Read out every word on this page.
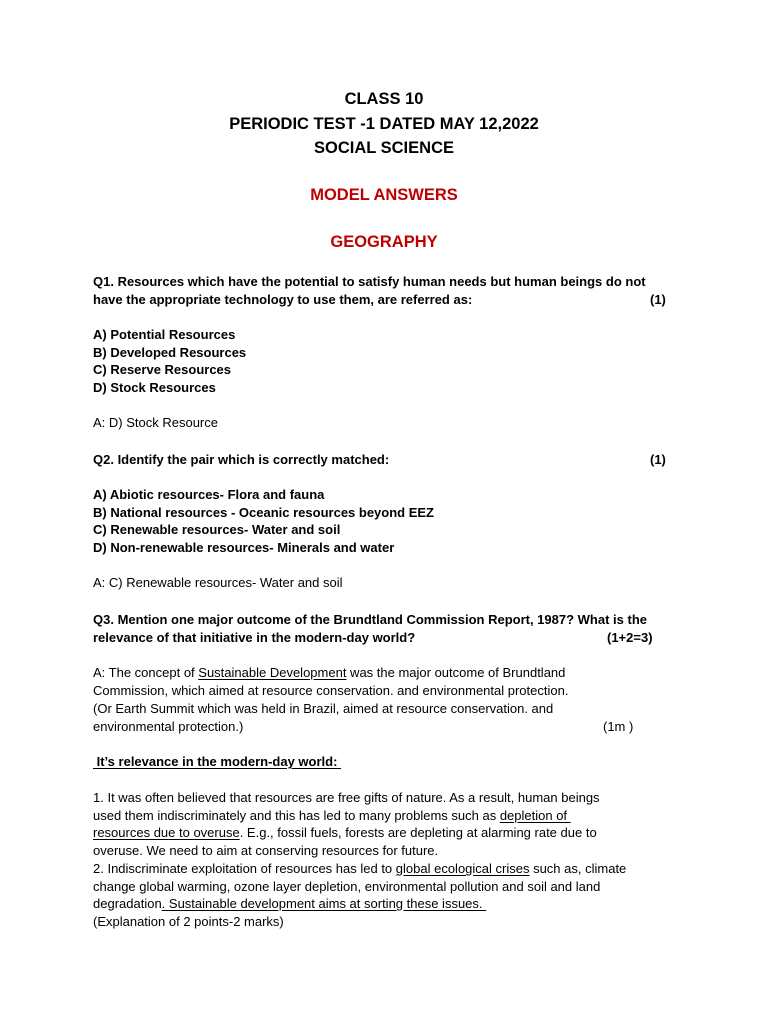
CLASS 10
PERIODIC TEST -1 DATED MAY 12,2022
SOCIAL SCIENCE
MODEL ANSWERS
GEOGRAPHY
Q1. Resources which have the potential to satisfy human needs but human beings do not
have the appropriate technology to use them, are referred as:	(1)
A) Potential Resources
B) Developed Resources
C) Reserve Resources
D) Stock Resources
A: D) Stock Resource
Q2. Identify the pair which is correctly matched:	(1)
A) Abiotic resources- Flora and fauna
B) National resources - Oceanic resources beyond EEZ
C) Renewable resources- Water and soil
D) Non-renewable resources- Minerals and water
A: C) Renewable resources- Water and soil
Q3. Mention one major outcome of the Brundtland Commission Report, 1987? What is the
relevance of that initiative in the modern-day world?	(1+2=3)
A: The concept of Sustainable Development was the major outcome of Brundtland
Commission, which aimed at resource conservation. and environmental protection.
(Or Earth Summit which was held in Brazil, aimed at resource conservation. and
environmental protection.)	(1m )
It’s relevance in the modern-day world:
1. It was often believed that resources are free gifts of nature. As a result, human beings
used them indiscriminately and this has led to many problems such as depletion of
resources due to overuse. E.g., fossil fuels, forests are depleting at alarming rate due to
overuse. We need to aim at conserving resources for future.
2. Indiscriminate exploitation of resources has led to global ecological crises such as, climate
change global warming, ozone layer depletion, environmental pollution and soil and land
degradation. Sustainable development aims at sorting these issues.
(Explanation of 2 points-2 marks)
